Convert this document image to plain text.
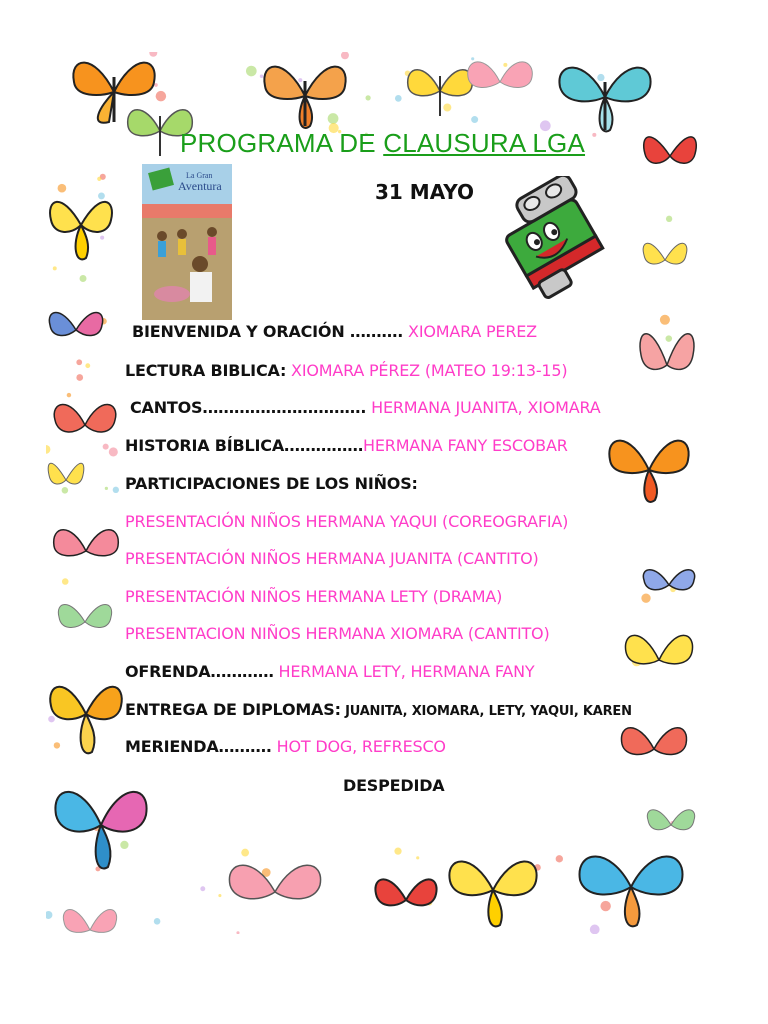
PROGRAMA DE CLAUSURA LGA
31 MAYO
La Gran
Aventura
BIENVENIDA Y ORACIÓN ………. XIOMARA PEREZ
LECTURA BIBLICA: XIOMARA PÉREZ (MATEO 19:13-15)
CANTOS…………………………. HERMANA JUANITA, XIOMARA
HISTORIA BÍBLICA……………HERMANA FANY ESCOBAR
PARTICIPACIONES DE LOS NIÑOS:
PRESENTACIÓN NIÑOS HERMANA YAQUI (COREOGRAFIA)
PRESENTACIÓN NIÑOS HERMANA JUANITA (CANTITO)
PRESENTACIÓN NIÑOS HERMANA LETY (DRAMA)
PRESENTACION NIÑOS HERMANA XIOMARA (CANTITO)
OFRENDA………… HERMANA LETY, HERMANA FANY
ENTREGA DE DIPLOMAS: JUANITA, XIOMARA, LETY, YAQUI, KAREN
MERIENDA………. HOT DOG, REFRESCO
DESPEDIDA
